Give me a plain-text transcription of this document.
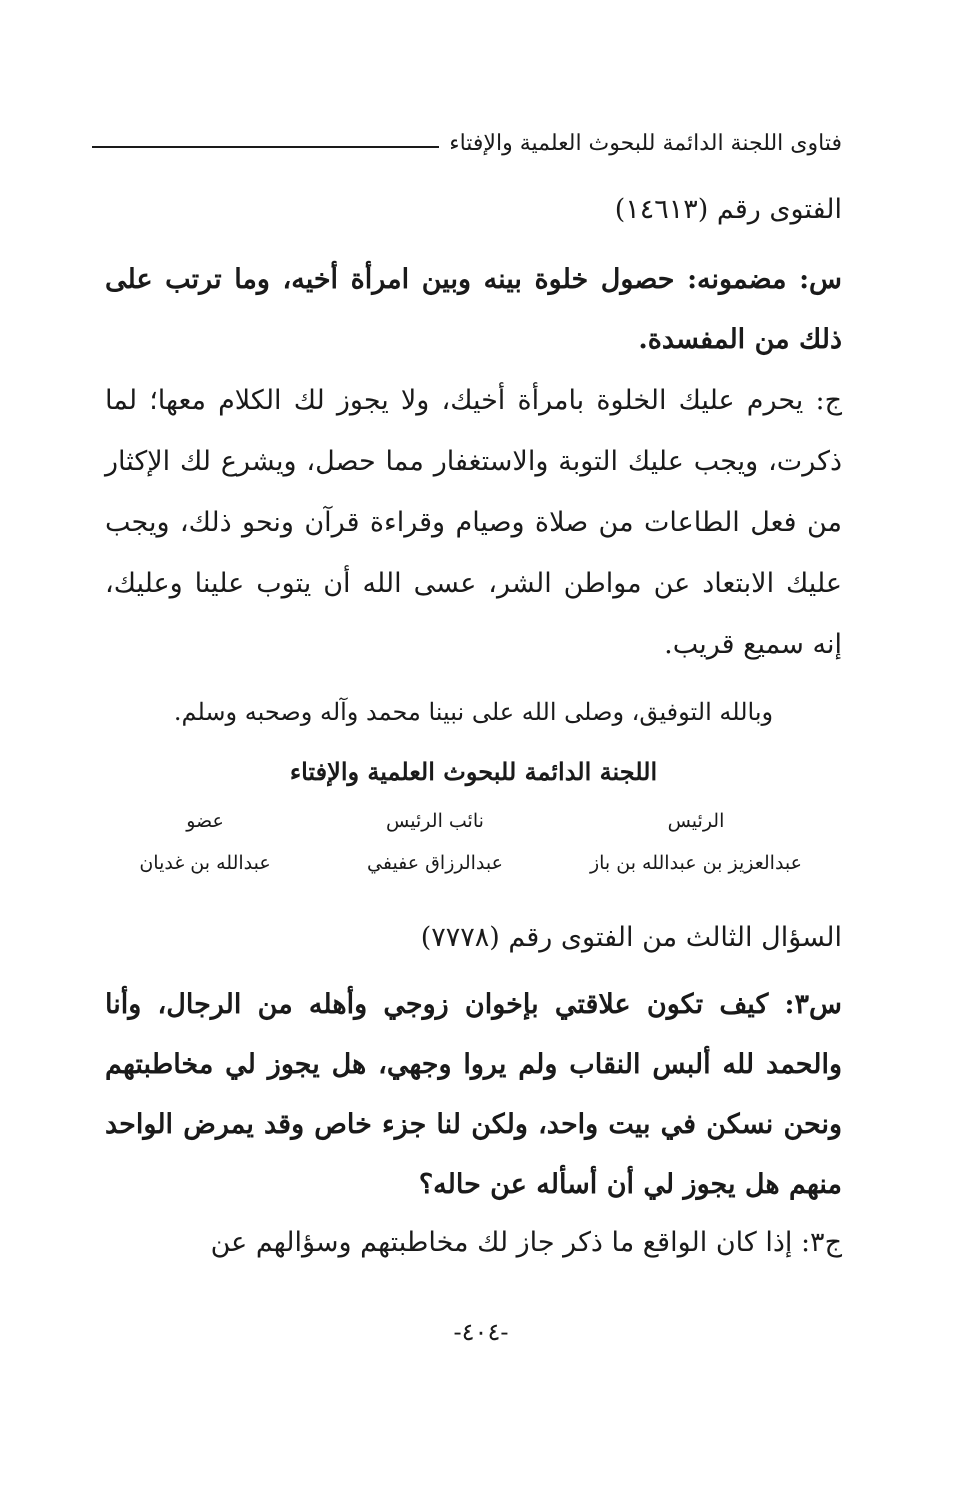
فتاوى اللجنة الدائمة للبحوث العلمية والإفتاء
الفتوى رقم (١٤٦١٣)
س: مضمونه: حصول خلوة بينه وبين امرأة أخيه، وما ترتب على ذلك من المفسدة.
ج: يحرم عليك الخلوة بامرأة أخيك، ولا يجوز لك الكلام معها؛ لما ذكرت، ويجب عليك التوبة والاستغفار مما حصل، ويشرع لك الإكثار من فعل الطاعات من صلاة وصيام وقراءة قرآن ونحو ذلك، ويجب عليك الابتعاد عن مواطن الشر، عسى الله أن يتوب علينا وعليك، إنه سميع قريب.
وبالله التوفيق، وصلى الله على نبينا محمد وآله وصحبه وسلم.
اللجنة الدائمة للبحوث العلمية والإفتاء
الرئيس
عبدالعزيز بن عبدالله بن باز
نائب الرئيس
عبدالرزاق عفيفي
عضو
عبدالله بن غديان
السؤال الثالث من الفتوى رقم (٧٧٧٨)
س٣: كيف تكون علاقتي بإخوان زوجي وأهله من الرجال، وأنا والحمد لله ألبس النقاب ولم يروا وجهي، هل يجوز لي مخاطبتهم ونحن نسكن في بيت واحد، ولكن لنا جزء خاص وقد يمرض الواحد منهم هل يجوز لي أن أسأله عن حاله؟
ج٣: إذا كان الواقع ما ذكر جاز لك مخاطبتهم وسؤالهم عن
-٤٠٤-
